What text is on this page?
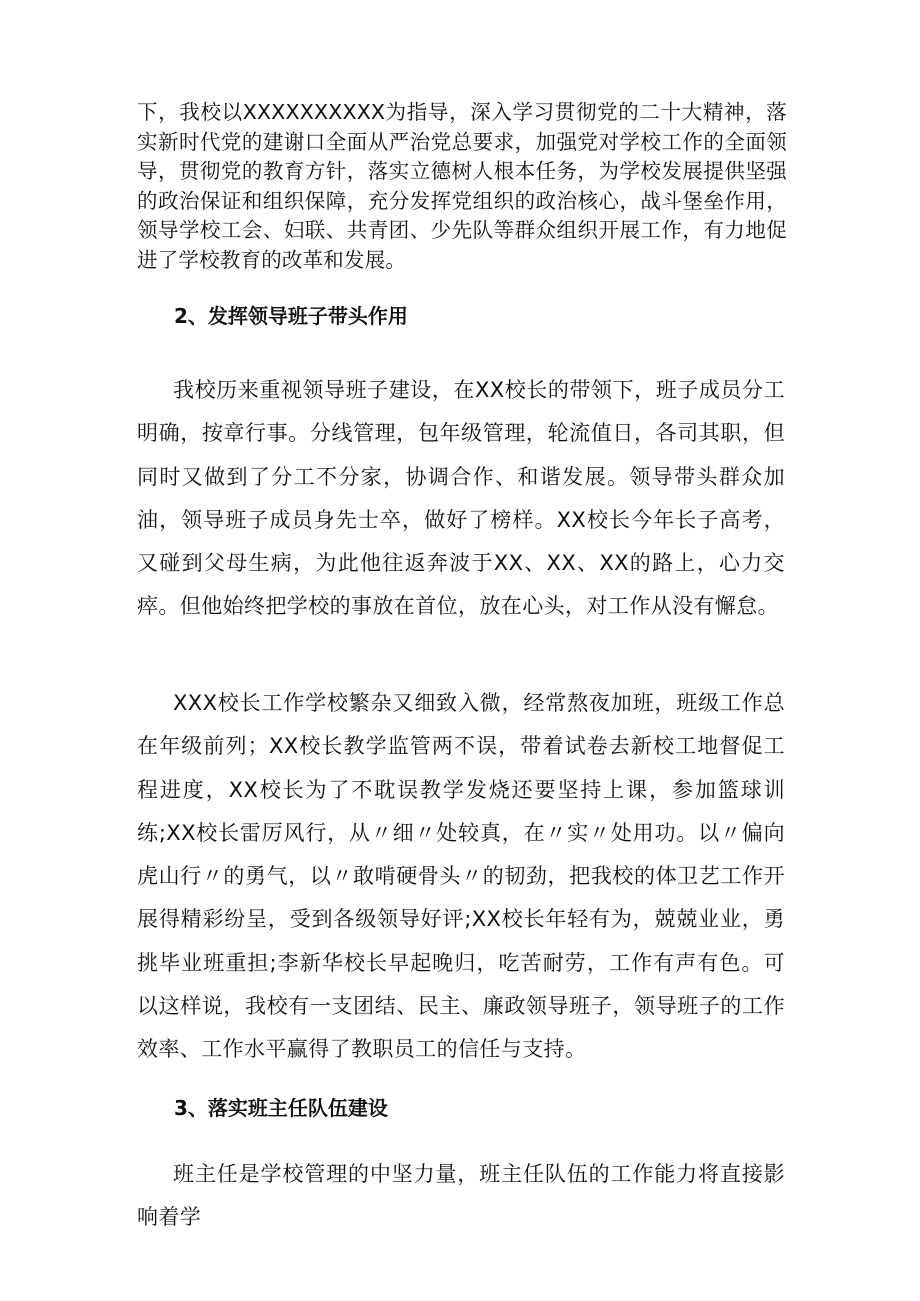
下，我校以XXXXXXXXXX为指导，深入学习贯彻党的二十大精神，落实新时代党的建谢口全面从严治党总要求，加强党对学校工作的全面领导，贯彻党的教育方针，落实立德树人根本任务，为学校发展提供坚强的政治保证和组织保障，充分发挥党组织的政治核心，战斗堡垒作用，领导学校工会、妇联、共青团、少先队等群众组织开展工作，有力地促进了学校教育的改革和发展。

2、发挥领导班子带头作用

我校历来重视领导班子建设，在XX校长的带领下，班子成员分工明确，按章行事。分线管理，包年级管理，轮流值日，各司其职，但同时又做到了分工不分家，协调合作、和谐发展。领导带头群众加油，领导班子成员身先士卒，做好了榜样。XX校长今年长子高考，又碰到父母生病，为此他往返奔波于XX、XX、XX的路上，心力交瘁。但他始终把学校的事放在首位，放在心头，对工作从没有懈怠。

XXX校长工作学校繁杂又细致入微，经常熬夜加班，班级工作总在年级前列；XX校长教学监管两不误，带着试卷去新校工地督促工程进度，XX校长为了不耽误教学发烧还要坚持上课，参加篮球训练;XX校长雷厉风行，从〃细〃处较真，在〃实〃处用功。以〃偏向虎山行〃的勇气，以〃敢啃硬骨头〃的韧劲，把我校的体卫艺工作开展得精彩纷呈，受到各级领导好评;XX校长年轻有为，兢兢业业，勇挑毕业班重担;李新华校长早起晚归，吃苦耐劳，工作有声有色。可以这样说，我校有一支团结、民主、廉政领导班子，领导班子的工作效率、工作水平赢得了教职员工的信任与支持。

3、落实班主任队伍建设

班主任是学校管理的中坚力量，班主任队伍的工作能力将直接影响着学
